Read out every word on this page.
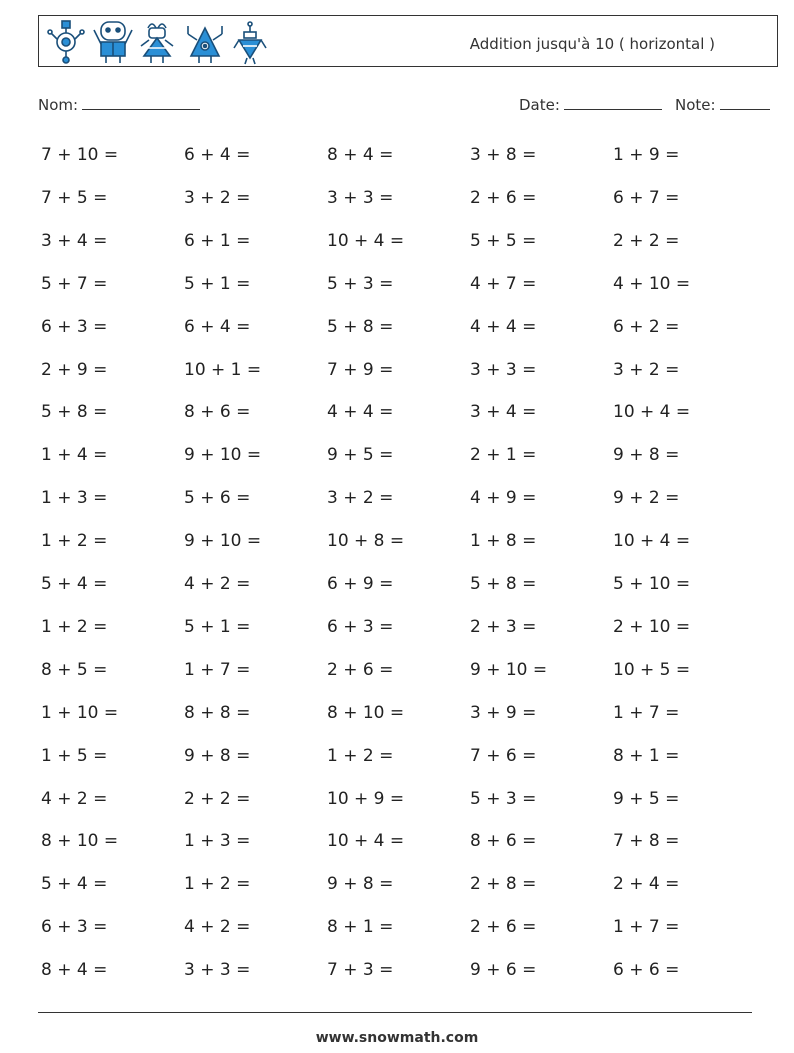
Addition jusqu'à 10 ( horizontal )
Nom:	Date:	Note:
7 + 10 =	6 + 4 =	8 + 4 =	3 + 8 =	1 + 9 =
7 + 5 =	3 + 2 =	3 + 3 =	2 + 6 =	6 + 7 =
3 + 4 =	6 + 1 =	10 + 4 =	5 + 5 =	2 + 2 =
5 + 7 =	5 + 1 =	5 + 3 =	4 + 7 =	4 + 10 =
6 + 3 =	6 + 4 =	5 + 8 =	4 + 4 =	6 + 2 =
2 + 9 =	10 + 1 =	7 + 9 =	3 + 3 =	3 + 2 =
5 + 8 =	8 + 6 =	4 + 4 =	3 + 4 =	10 + 4 =
1 + 4 =	9 + 10 =	9 + 5 =	2 + 1 =	9 + 8 =
1 + 3 =	5 + 6 =	3 + 2 =	4 + 9 =	9 + 2 =
1 + 2 =	9 + 10 =	10 + 8 =	1 + 8 =	10 + 4 =
5 + 4 =	4 + 2 =	6 + 9 =	5 + 8 =	5 + 10 =
1 + 2 =	5 + 1 =	6 + 3 =	2 + 3 =	2 + 10 =
8 + 5 =	1 + 7 =	2 + 6 =	9 + 10 =	10 + 5 =
1 + 10 =	8 + 8 =	8 + 10 =	3 + 9 =	1 + 7 =
1 + 5 =	9 + 8 =	1 + 2 =	7 + 6 =	8 + 1 =
4 + 2 =	2 + 2 =	10 + 9 =	5 + 3 =	9 + 5 =
8 + 10 =	1 + 3 =	10 + 4 =	8 + 6 =	7 + 8 =
5 + 4 =	1 + 2 =	9 + 8 =	2 + 8 =	2 + 4 =
6 + 3 =	4 + 2 =	8 + 1 =	2 + 6 =	1 + 7 =
8 + 4 =	3 + 3 =	7 + 3 =	9 + 6 =	6 + 6 =
www.snowmath.com
